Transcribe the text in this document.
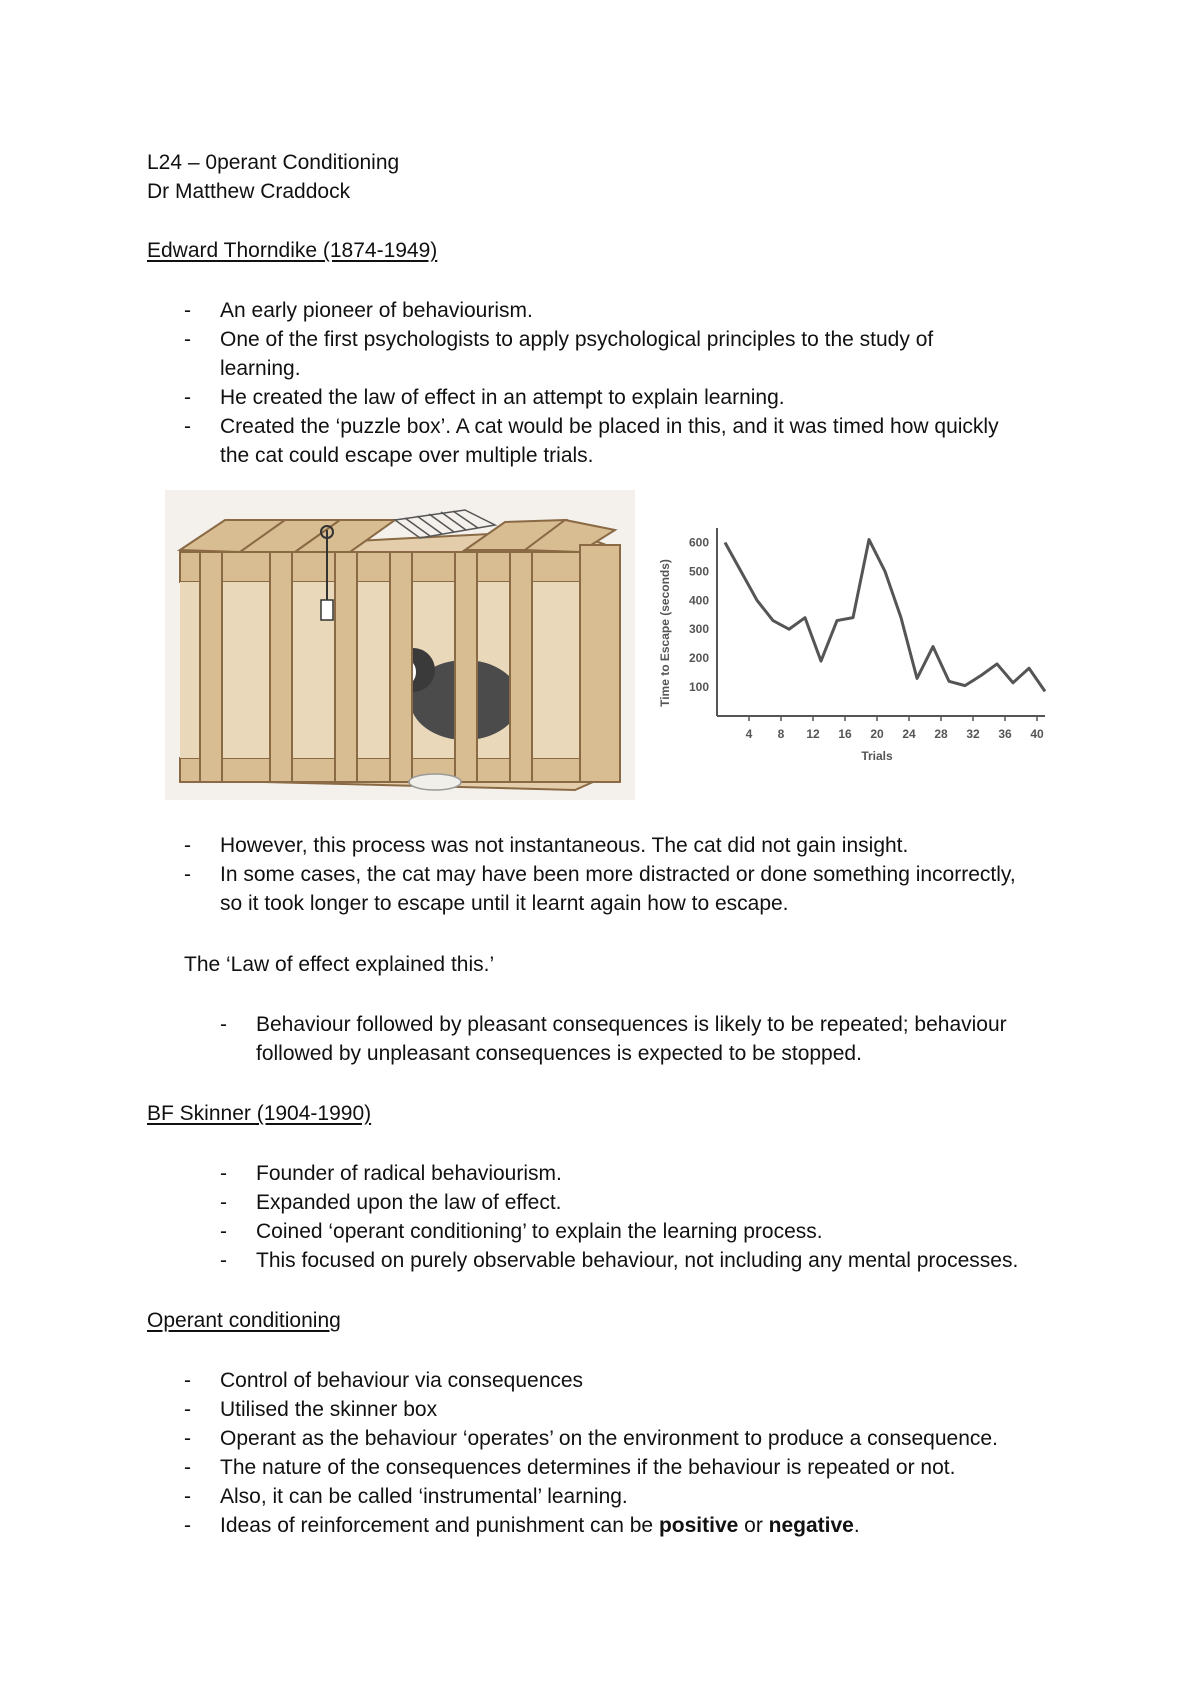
L24 – 0perant Conditioning
Dr Matthew Craddock
Edward Thorndike (1874-1949)
- An early pioneer of behaviourism.
- One of the first psychologists to apply psychological principles to the study of
learning.
- He created the law of effect in an attempt to explain learning.
- Created the ‘puzzle box’. A cat would be placed in this, and it was timed how quickly
the cat could escape over multiple trials.
Time to Escape (seconds) 100
200
300
400
500
600
4 8 12 16 20 24 28 32 36 40
Trials
- However, this process was not instantaneous. The cat did not gain insight.
- In some cases, the cat may have been more distracted or done something incorrectly,
so it took longer to escape until it learnt again how to escape.
The ‘Law of effect explained this.’
- Behaviour followed by pleasant consequences is likely to be repeated; behaviour
followed by unpleasant consequences is expected to be stopped.
BF Skinner (1904-1990)
- Founder of radical behaviourism.
- Expanded upon the law of effect.
- Coined ‘operant conditioning’ to explain the learning process.
- This focused on purely observable behaviour, not including any mental processes.
Operant conditioning
- Control of behaviour via consequences
- Utilised the skinner box
- Operant as the behaviour ‘operates’ on the environment to produce a consequence.
- The nature of the consequences determines if the behaviour is repeated or not.
- Also, it can be called ‘instrumental’ learning.
- Ideas of reinforcement and punishment can be positive or negative.
